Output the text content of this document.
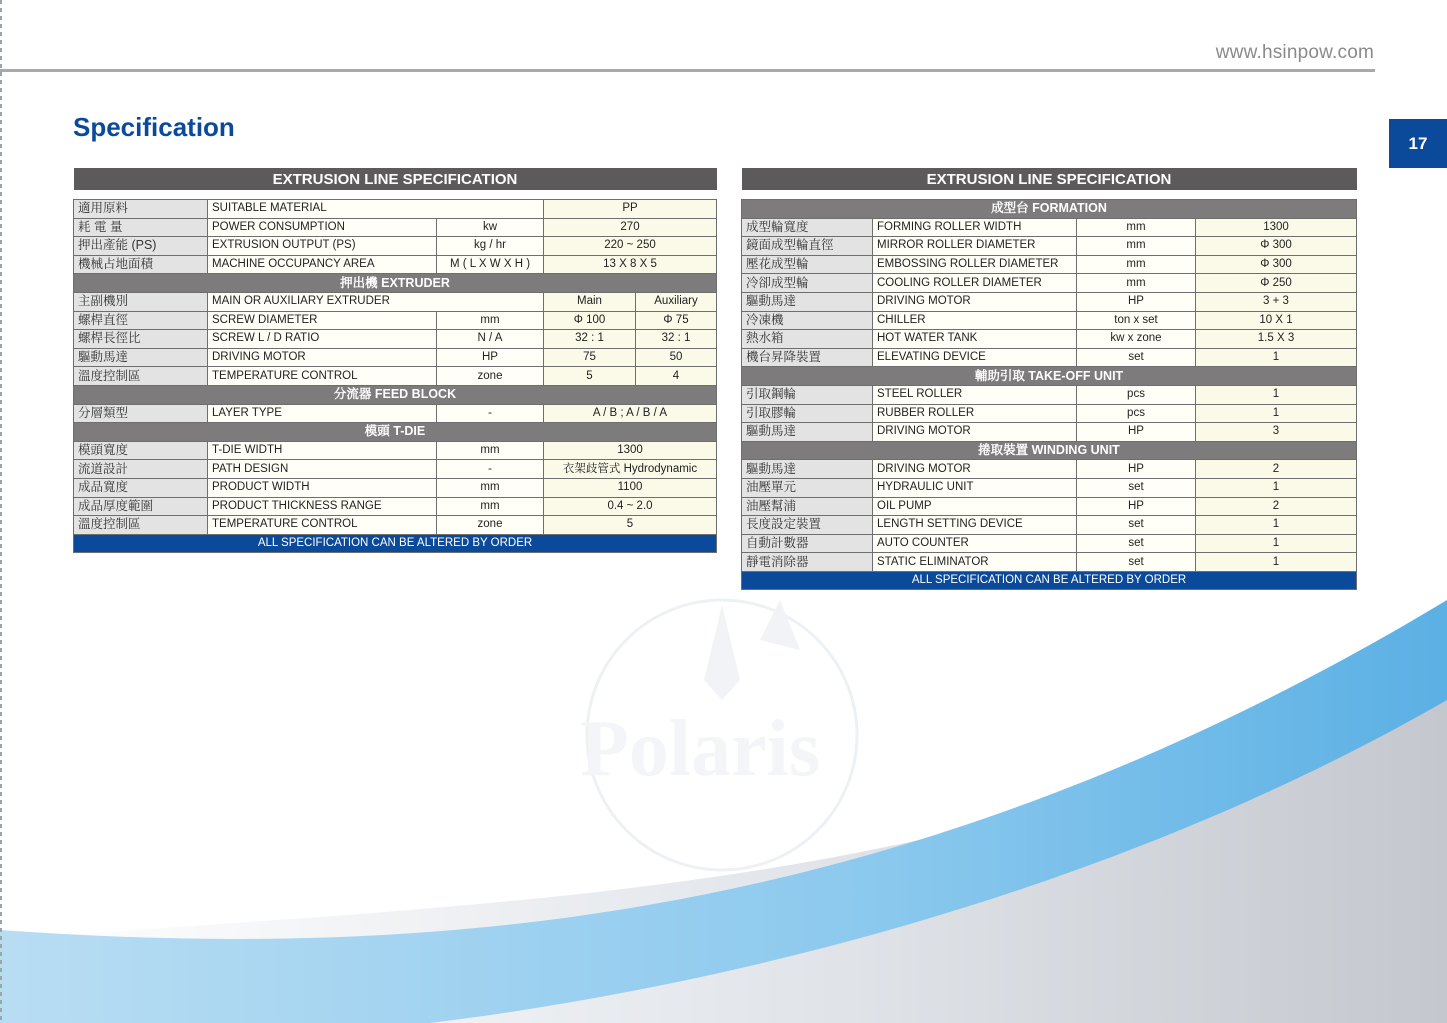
Polaris
www.hsinpow.com
17
Specification
EXTRUSION LINE SPECIFICATION				

適用原料	SUITABLE MATERIAL		PP	
耗 電 量	POWER CONSUMPTION	kw	270	
押出產能 (PS)	EXTRUSION OUTPUT (PS)	kg / hr	220 ~ 250	
機械占地面積	MACHINE OCCUPANCY AREA	M ( L X W X H )	13 X 8 X 5	
押出機 EXTRUDER				
主副機別	MAIN OR AUXILIARY EXTRUDER		Main	Auxiliary
螺桿直徑	SCREW DIAMETER	mm	Φ 100	Φ 75
螺桿長徑比	SCREW L / D RATIO	N / A	32 : 1	32 : 1
驅動馬達	DRIVING MOTOR	HP	75	50
溫度控制區	TEMPERATURE CONTROL	zone	5	4
分流器 FEED BLOCK				
分層類型	LAYER TYPE	-	A / B ; A / B / A	
模頭 T-DIE				
模頭寬度	T-DIE WIDTH	mm	1300	
流道設計	PATH DESIGN	-	衣架歧管式 Hydrodynamic	
成品寬度	PRODUCT WIDTH	mm	1100	
成品厚度範圍	PRODUCT THICKNESS RANGE	mm	0.4 ~ 2.0	
溫度控制區	TEMPERATURE CONTROL	zone	5	
ALL SPECIFICATION CAN BE ALTERED BY ORDER				
EXTRUSION LINE SPECIFICATION			

成型台 FORMATION			
成型輪寬度	FORMING ROLLER WIDTH	mm	1300
鏡面成型輪直徑	MIRROR ROLLER DIAMETER	mm	Φ 300
壓花成型輪	EMBOSSING ROLLER DIAMETER	mm	Φ 300
冷卻成型輪	COOLING ROLLER DIAMETER	mm	Φ 250
驅動馬達	DRIVING MOTOR	HP	3 + 3
冷凍機	CHILLER	ton x set	10 X 1
熱水箱	HOT WATER TANK	kw x zone	1.5 X 3
機台昇降裝置	ELEVATING DEVICE	set	1
輔助引取 TAKE-OFF UNIT			
引取鋼輪	STEEL ROLLER	pcs	1
引取膠輪	RUBBER ROLLER	pcs	1
驅動馬達	DRIVING MOTOR	HP	3
捲取裝置 WINDING UNIT			
驅動馬達	DRIVING MOTOR	HP	2
油壓單元	HYDRAULIC UNIT	set	1
油壓幫浦	OIL PUMP	HP	2
長度設定裝置	LENGTH SETTING DEVICE	set	1
自動計數器	AUTO COUNTER	set	1
靜電消除器	STATIC ELIMINATOR	set	1
ALL SPECIFICATION CAN BE ALTERED BY ORDER			
